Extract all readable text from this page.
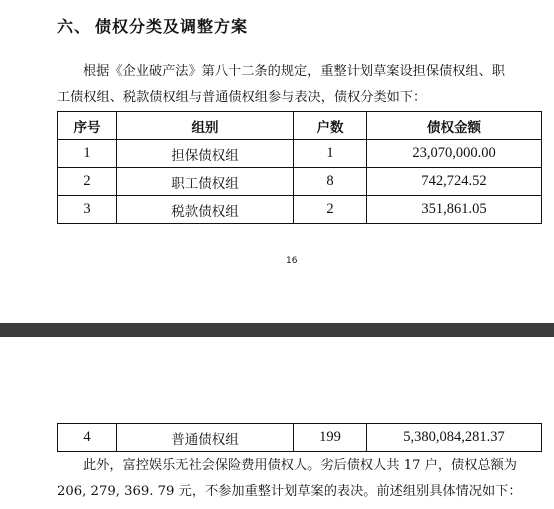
六、 债权分类及调整方案
根据《企业破产法》第八十二条的规定，重整计划草案设担保债权组、职
工债权组、税款债权组与普通债权组参与表决，债权分类如下：
序号	组别	户数	债权金额
1	担保债权组	1	23,070,000.00
2	职工债权组	8	742,724.52
3	税款债权组	2	351,861.05
16
4	普通债权组	199	5,380,084,281.37
此外，富控娱乐无社会保险费用债权人。劣后债权人共 17 户，债权总额为
206, 279, 369. 79 元，不参加重整计划草案的表决。前述组别具体情况如下：
